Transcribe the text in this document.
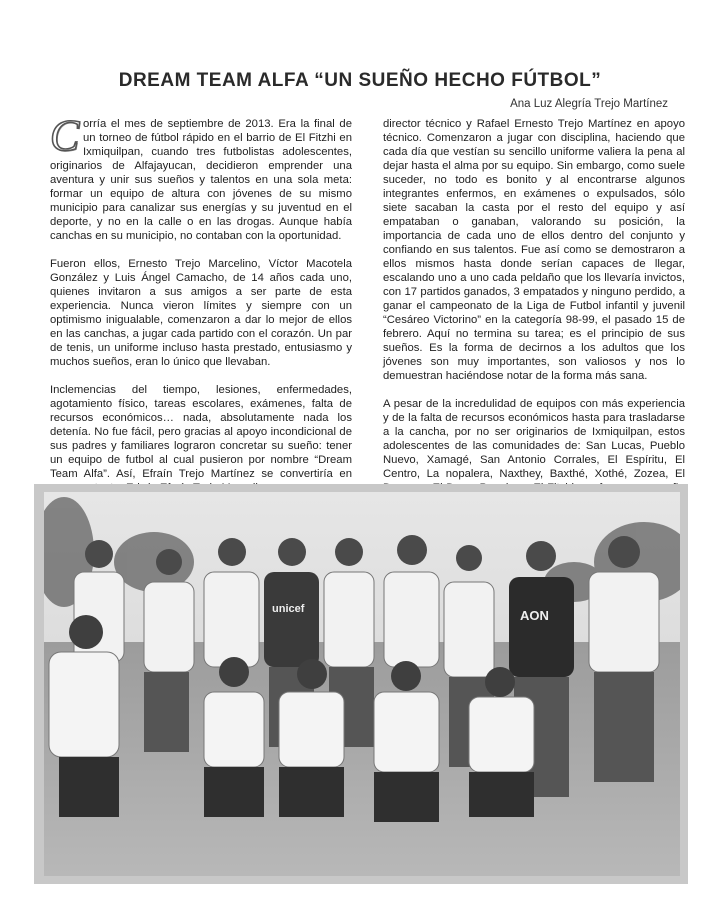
DREAM TEAM ALFA “UN SUEÑO HECHO FÚTBOL”
Ana Luz Alegría Trejo Martínez

Corría el mes de septiembre de 2013. Era la final de un torneo de fútbol rápido en el barrio de El Fitzhi en Ixmiquilpan, cuando tres futbolistas adolescentes, originarios de Alfajayucan, decidieron emprender una aventura y unir sus sueños y talentos en una sola meta: formar un equipo de altura con jóvenes de su mismo municipio para canalizar sus energías y su juventud en el deporte, y no en la calle o en las drogas. Aunque había canchas en su municipio, no contaban con la oportunidad.

Fueron ellos, Ernesto Trejo Marcelino, Víctor Macotela González y Luis Ángel Camacho, de 14 años cada uno, quienes invitaron a sus amigos a ser parte de esta experiencia. Nunca vieron límites y siempre con un optimismo inigualable, comenzaron a dar lo mejor de ellos en las canchas, a jugar cada partido con el corazón. Un par de tenis, un uniforme incluso hasta prestado, entusiasmo y muchos sueños, eran lo único que llevaban.

Inclemencias del tiempo, lesiones, enfermedades, agotamiento físico, tareas escolares, exámenes, falta de recursos económicos… nada, absolutamente nada los detenía. No fue fácil, pero gracias al apoyo incondicional de sus padres y familiares lograron concretar su sueño: tener un equipo de futbol al cual pusieron por nombre “Dream Team Alfa”. Así, Efraín Trejo Martínez se convertiría en

director técnico y Rafael Ernesto Trejo Martínez en apoyo técnico. Comenzaron a jugar con disciplina, haciendo que cada día que vestían su sencillo uniforme valiera la pena al dejar hasta el alma por su equipo. Sin embargo, como suele suceder, no todo es bonito y al encontrarse algunos integrantes enfermos, en exámenes o expulsados, sólo siete sacaban la casta por el resto del equipo y así empataban o ganaban, valorando su posición, la importancia de cada uno de ellos dentro del conjunto y confiando en sus talentos. Fue así como se demostraron a ellos mismos hasta donde serían capaces de llegar, escalando uno a uno cada peldaño que los llevaría invictos, con 17 partidos ganados, 3 empatados y ninguno perdido, a ganar el campeonato de la Liga de Futbol infantil y juvenil “Cesáreo Victorino” en la categoría 98-99, el pasado 15 de febrero. Aquí no termina su tarea; es el principio de sus sueños. Es la forma de decirnos a los adultos que los jóvenes son muy importantes, son valiosos y nos lo demuestran haciéndose notar de la forma más sana.

A pesar de la incredulidad de equipos con más experiencia y de la falta de recursos económicos hasta para trasladarse a la cancha, por no ser originarios de Ixmiquilpan, estos adolescentes de las comunidades de: San Lucas, Pueblo Nuevo, Xamagé, San Antonio Corrales, El Espíritu, El Centro, La nopalera, Naxthey, Baxthé, Xothé, Zozea, El

unicef	AON
